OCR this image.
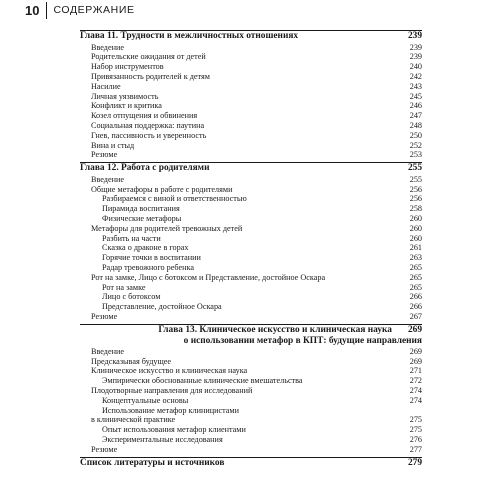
10 СОДЕРЖАНИЕ
Глава 11. Трудности в межличностных отношениях	239
Введение	239
Родительские ожидания от детей	239
Набор инструментов	240
Привязанность родителей к детям	242
Насилие	243
Личная уязвимость	245
Конфликт и критика	246
Козел отпущения и обвинения	247
Социальная поддержка: паутина	248
Гнев, пассивность и уверенность	250
Вина и стыд	252
Резюме	253
Глава 12. Работа с родителями	255
Введение	255
Общие метафоры в работе с родителями	256
Разбираемся с виной и ответственностью	256
Пирамида воспитания	258
Физические метафоры	260
Метафоры для родителей тревожных детей	260
Разбить на части	260
Сказка о драконе в горах	261
Горячие точки в воспитании	263
Радар тревожного ребенка	265
Рот на замке, Лицо с ботоксом и Представление, достойное Оскара	265
Рот на замке	265
Лицо с ботоксом	266
Представление, достойное Оскара	266
Резюме	267
Глава 13. Клиническое искусство и клиническая наука	269
о использовании метафор в КПТ: будущие направления
Введение	269
Предсказывая будущее	269
Клиническое искусство и клиническая наука	271
Эмпирически обоснованные клинические вмешательства	272
Плодотворные направления для исследований	274
Концептуальные основы	274
Использование метафор клиницистами
в клинической практике	275
Опыт использования метафор клиентами	275
Экспериментальные исследования	276
Резюме	277
Список литературы и источников	279
